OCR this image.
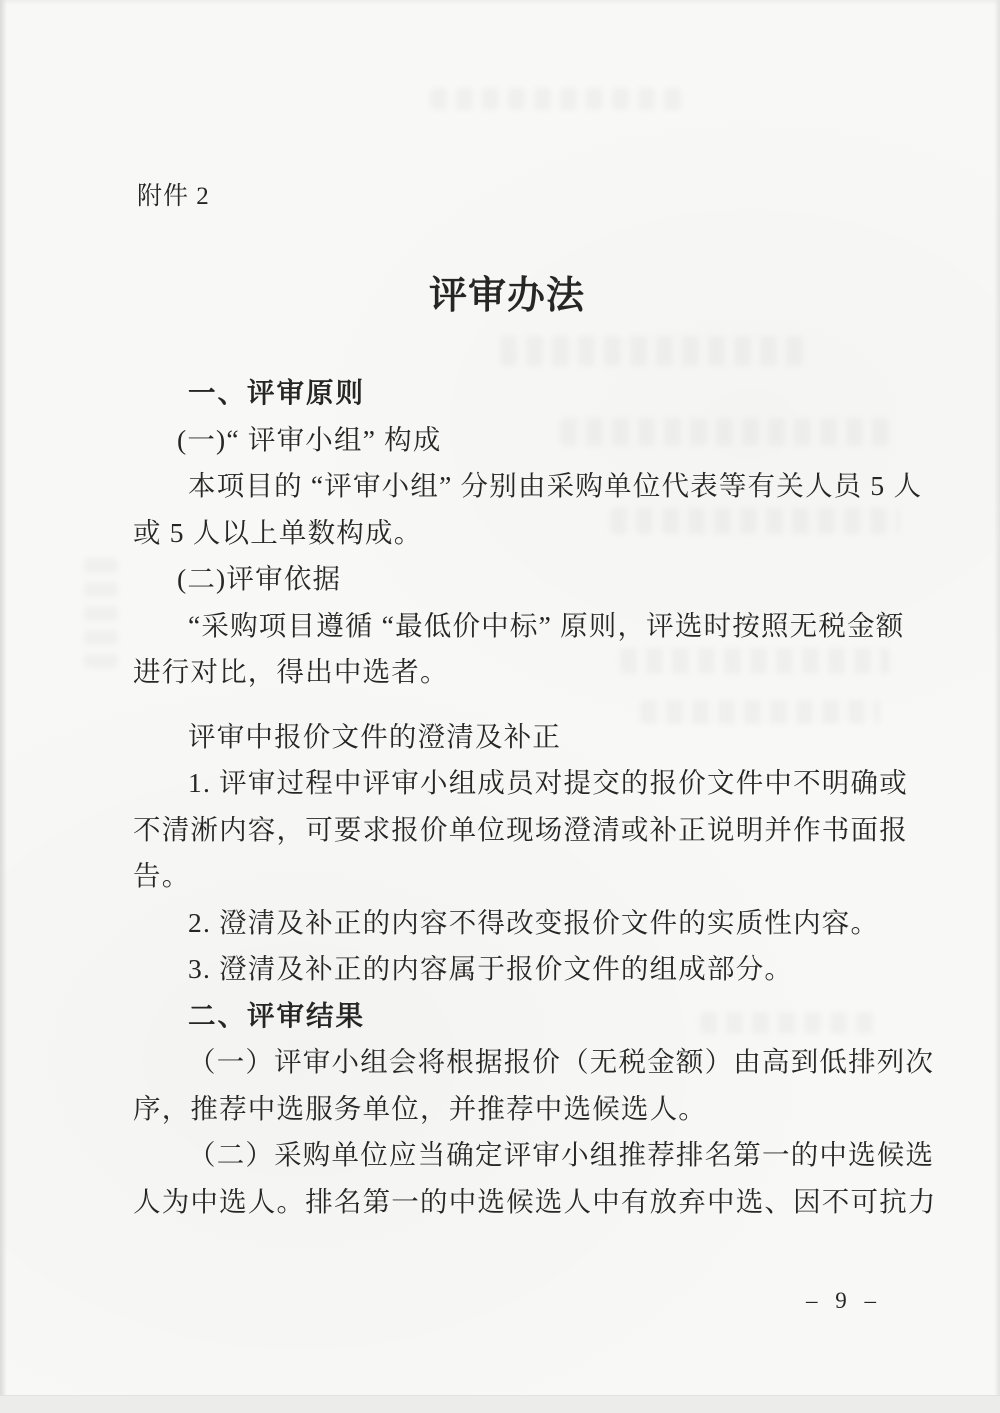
附件 2
评审办法
一、评审原则
(一)“ 评审小组” 构成
本项目的 “评审小组” 分别由采购单位代表等有关人员 5 人
或 5 人以上单数构成。
(二)评审依据
“采购项目遵循 “最低价中标” 原则，评选时按照无税金额
进行对比，得出中选者。
评审中报价文件的澄清及补正
1. 评审过程中评审小组成员对提交的报价文件中不明确或
不清淅内容，可要求报价单位现场澄清或补正说明并作书面报
告。
2. 澄清及补正的内容不得改变报价文件的实质性内容。
3. 澄清及补正的内容属于报价文件的组成部分。
二、评审结果
（一）评审小组会将根据报价（无税金额）由高到低排列次
序，推荐中选服务单位，并推荐中选候选人。
（二）采购单位应当确定评审小组推荐排名第一的中选候选
人为中选人。排名第一的中选候选人中有放弃中选、因不可抗力
– 9 –
